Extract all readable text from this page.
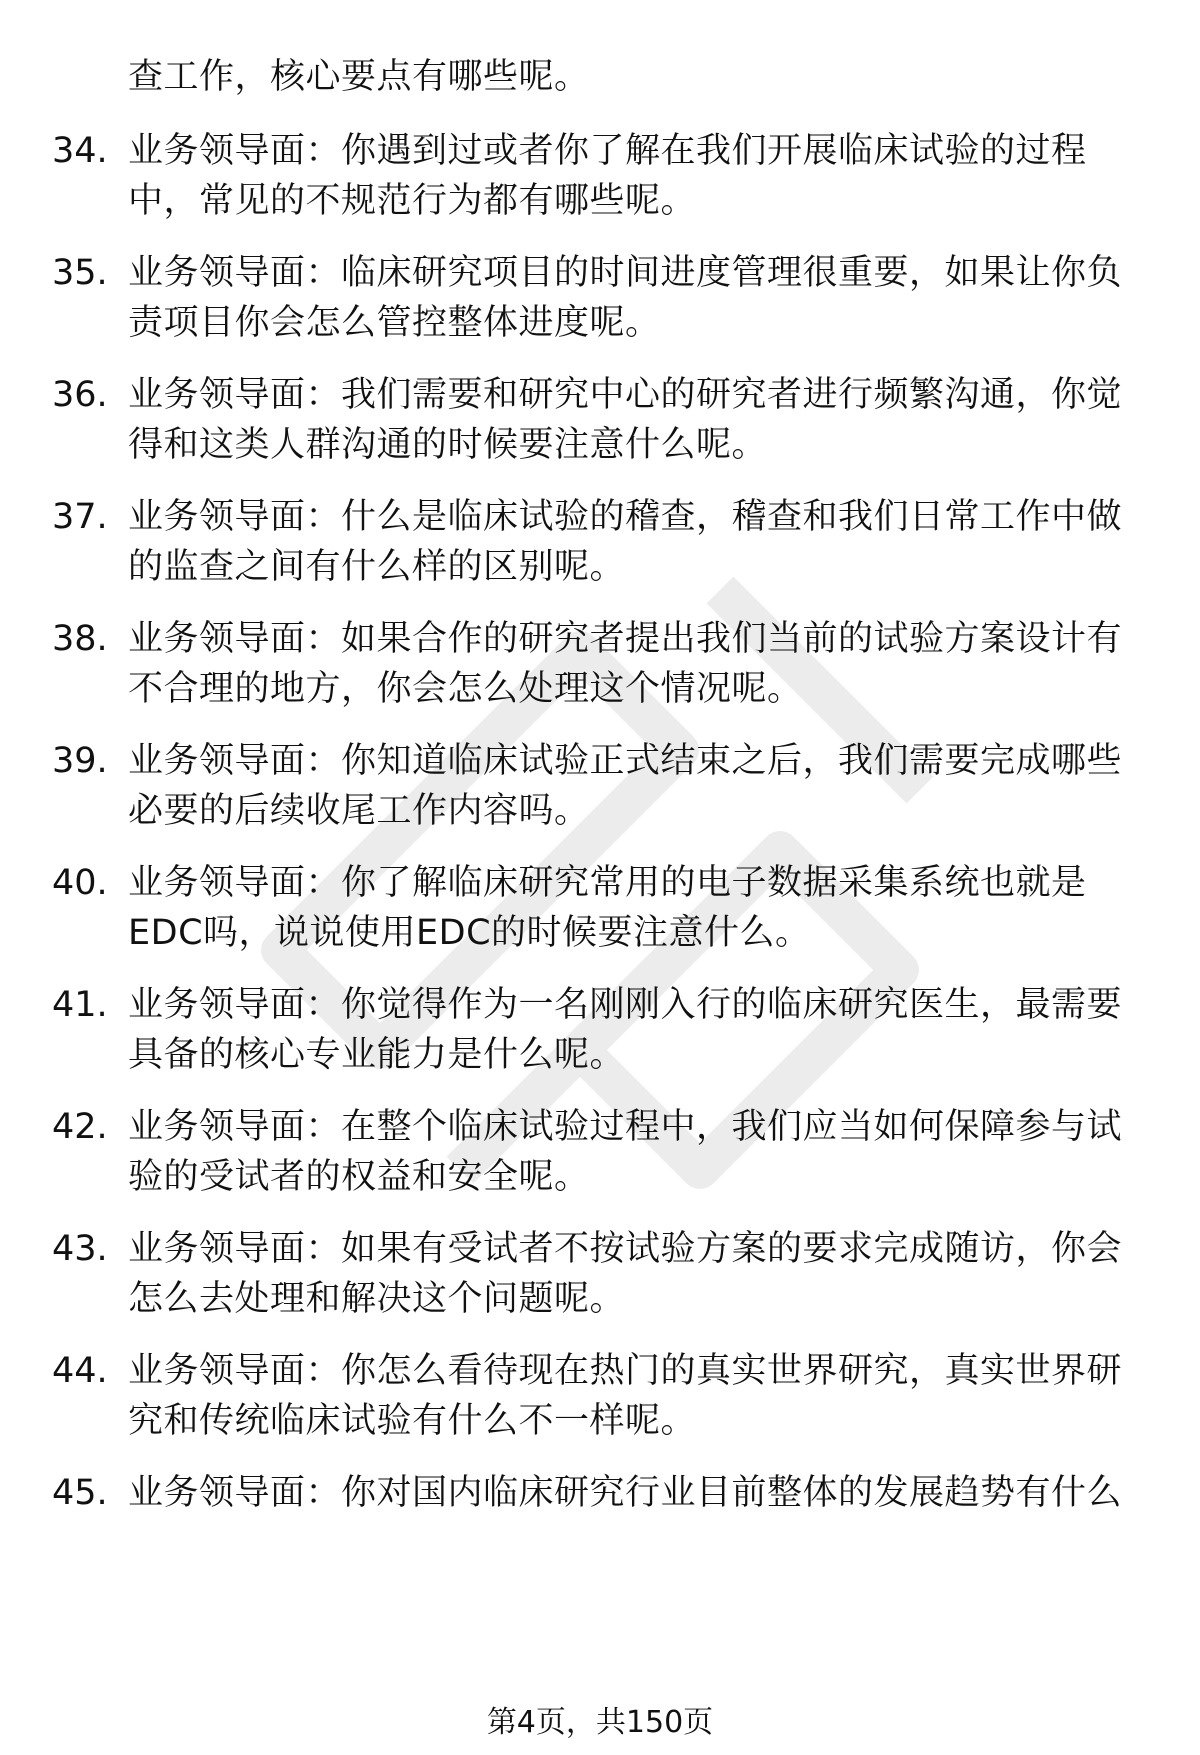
查工作，核心要点有哪些呢。
34. 业务领导面：你遇到过或者你了解在我们开展临床试验的过程
中，常见的不规范行为都有哪些呢。
35. 业务领导面：临床研究项目的时间进度管理很重要，如果让你负
责项目你会怎么管控整体进度呢。
36. 业务领导面：我们需要和研究中心的研究者进行频繁沟通，你觉
得和这类人群沟通的时候要注意什么呢。
37. 业务领导面：什么是临床试验的稽查，稽查和我们日常工作中做
的监查之间有什么样的区别呢。
38. 业务领导面：如果合作的研究者提出我们当前的试验方案设计有
不合理的地方，你会怎么处理这个情况呢。
39. 业务领导面：你知道临床试验正式结束之后，我们需要完成哪些
必要的后续收尾工作内容吗。
40. 业务领导面：你了解临床研究常用的电子数据采集系统也就是
EDC吗，说说使用EDC的时候要注意什么。
41. 业务领导面：你觉得作为一名刚刚入行的临床研究医生，最需要
具备的核心专业能力是什么呢。
42. 业务领导面：在整个临床试验过程中，我们应当如何保障参与试
验的受试者的权益和安全呢。
43. 业务领导面：如果有受试者不按试验方案的要求完成随访，你会
怎么去处理和解决这个问题呢。
44. 业务领导面：你怎么看待现在热门的真实世界研究，真实世界研
究和传统临床试验有什么不一样呢。
45. 业务领导面：你对国内临床研究行业目前整体的发展趋势有什么
第4页，共150页
